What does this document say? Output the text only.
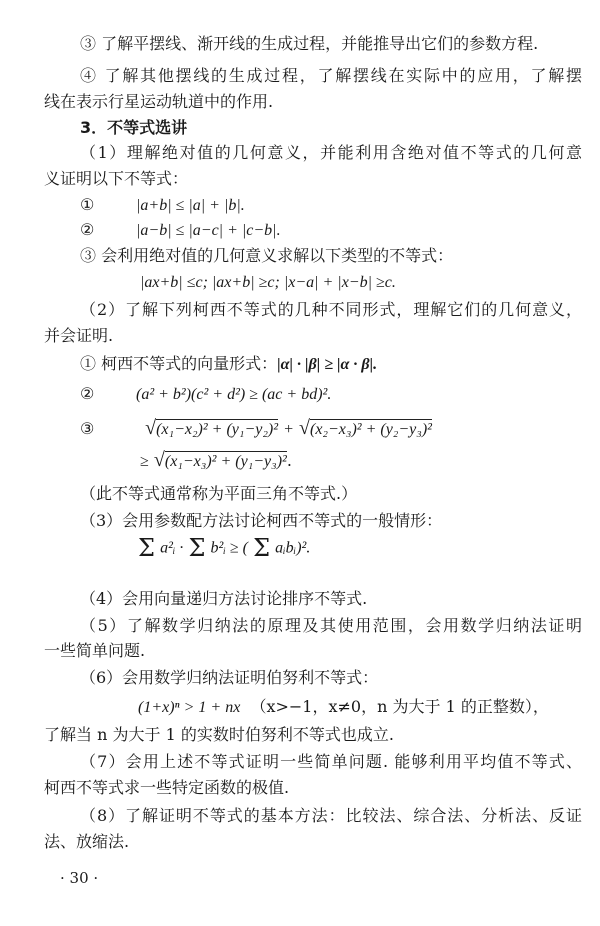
③ 了解平摆线、渐开线的生成过程，并能推导出它们的参数方程.
④ 了解其他摆线的生成过程，了解摆线在实际中的应用，了解摆
线在表示行星运动轨道中的作用.
3．不等式选讲
（1）理解绝对值的几何意义，并能利用含绝对值不等式的几何意
义证明以下不等式：
①	|a+b| ≤ |a| + |b|.
②	|a−b| ≤ |a−c| + |c−b|.
③ 会利用绝对值的几何意义求解以下类型的不等式：
|ax+b| ≤c; |ax+b| ≥c; |x−a| + |x−b| ≥c.
（2）了解下列柯西不等式的几种不同形式，理解它们的几何意义，
并会证明.
① 柯西不等式的向量形式：|α| · |β| ≥ |α · β|.
②	(a² + b²)(c² + d²) ≥ (ac + bd)².
③	√(x₁−x₂)² + (y₁−y₂)² + √(x₂−x₃)² + (y₂−y₃)²
≥ √(x₁−x₃)² + (y₁−y₃)².
（此不等式通常称为平面三角不等式.）
（3）会用参数配方法讨论柯西不等式的一般情形：
Σ a²ᵢ · Σ b²ᵢ ≥ ( Σ aᵢbᵢ)².
（4）会用向量递归方法讨论排序不等式.
（5）了解数学归纳法的原理及其使用范围，会用数学归纳法证明
一些简单问题.
（6）会用数学归纳法证明伯努利不等式：
(1+x)ⁿ > 1 + nx （x>−1，x≠0，n 为大于 1 的正整数），
了解当 n 为大于 1 的实数时伯努利不等式也成立.
（7）会用上述不等式证明一些简单问题. 能够利用平均值不等式、
柯西不等式求一些特定函数的极值.
（8）了解证明不等式的基本方法：比较法、综合法、分析法、反证
法、放缩法.
· 30 ·
